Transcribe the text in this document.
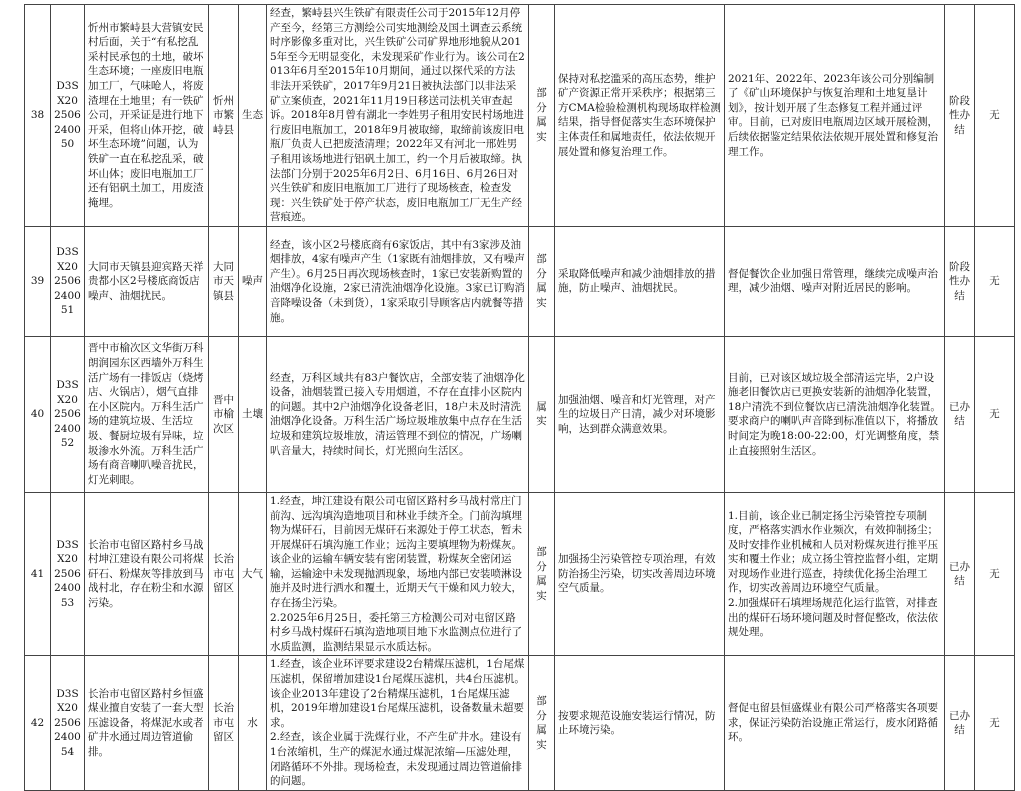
38	D3SX202506240050	忻州市繁峙县大营镇安民村后面，关于“有私挖乱采村民承包的土地，破坏生态环境；一座废旧电瓶加工厂，气味呛人，将废渣埋在土地里；有一铁矿公司，开采证是进行地下开采，但将山体开挖，破坏生态环境”问题，认为铁矿一直在私挖乱采，破坏山体；废旧电瓶加工厂还有铝矾土加工，用废渣掩埋。	忻州市繁峙县	生态	经查，繁峙县兴生铁矿有限责任公司于2015年12月停产至今，经第三方测绘公司实地测绘及国土调查云系统时序影像多重对比，兴生铁矿公司矿界地形地貌从2015年至今无明显变化，未发现采矿作业行为。该公司在2013年6月至2015年10月期间，通过以探代采的方法非法开采铁矿，2017年9月21日被执法部门以非法采矿立案侦查，2021年11月19日移送司法机关审查起诉。2018年8月曾有湖北一李姓男子租用安民村场地进行废旧电瓶加工，2018年9月被取缔，取缔前该废旧电瓶厂负责人已把废渣清理；2022年又有河北一邢姓男子租用该场地进行铝矾土加工，约一个月后被取缔。执法部门分别于2025年6月2日、6月16日、6月26日对兴生铁矿和废旧电瓶加工厂进行了现场核查，检查发现：兴生铁矿处于停产状态，废旧电瓶加工厂无生产经营痕迹。	部分属实	保持对私挖滥采的高压态势，维护矿产资源正常开采秩序；根据第三方CMA检验检测机构现场取样检测结果，指导督促落实生态环境保护主体责任和属地责任，依法依规开展处置和修复治理工作。	2021年、2022年、2023年该公司分别编制了《矿山环境保护与恢复治理和土地复垦计划》，按计划开展了生态修复工程并通过评审。目前，已对废旧电瓶周边区域开展检测，后续依据鉴定结果依法依规开展处置和修复治理工作。	阶段性办结	无
39	D3SX202506240051	大同市天镇县迎宾路天祥贵都小区2号楼底商饭店噪声、油烟扰民。	大同市天镇县	噪声	经查，该小区2号楼底商有6家饭店，其中有3家涉及油烟排放，4家有噪声产生（1家既有油烟排放，又有噪声产生）。6月25日再次现场核查时，1家已安装新购置的油烟净化设施，2家已清洗油烟净化设施。3家已订购消音降噪设备（未到货），1家采取引导顾客店内就餐等措施。	部分属实	采取降低噪声和减少油烟排放的措施，防止噪声、油烟扰民。	督促餐饮企业加强日常管理，继续完成噪声治理，减少油烟、噪声对附近居民的影响。	阶段性办结	无
40	D3SX202506240052	晋中市榆次区文华街万科朗润园东区西墙外万科生活广场有一排饭店（烧烤店、火锅店），烟气直排在小区院内。万科生活广场的建筑垃圾、生活垃圾、餐厨垃圾有异味，垃圾渗水外流。万科生活广场有商音喇叭噪音扰民，灯光刺眼。	晋中市榆次区	土壤	经查，万科区域共有83户餐饮店，全部安装了油烟净化设备，油烟装置已接入专用烟道，不存在直排小区院内的问题。其中2户油烟净化设备老旧，18户未及时清洗油烟净化设备。万科生活广场垃圾堆放集中点存在生活垃圾和建筑垃圾堆放，清运管理不到位的情况，广场喇叭音量大，持续时间长，灯光照向生活区。	属实	加强油烟、噪音和灯光管理，对产生的垃圾日产日清，减少对环境影响，达到群众满意效果。	目前，已对该区域垃圾全部清运完毕，2户设施老旧餐饮店已更换安装新的油烟净化装置，18户清洗不到位餐饮店已清洗油烟净化装置。要求商户的喇叭声音降到标准值以下，将播放时间定为晚18:00-22:00，灯光调整角度，禁止直接照射生活区。	已办结	无
41	D3SX202506240053	长治市屯留区路村乡马战村坤江建设有限公司将煤矸石、粉煤灰等排放到马战村北，存在粉尘和水源污染。	长治市屯留区	大气	1.经查，坤江建设有限公司屯留区路村乡马战村常庄门前沟、远沟填沟造地项目和林业手续齐全。门前沟填埋物为煤矸石，目前因无煤矸石来源处于停工状态，暂未开展煤矸石填沟施工作业；远沟主要填埋物为粉煤灰。该企业的运输车辆安装有密闭装置，粉煤灰全密闭运输，运输途中未发现抛洒现象，场地内部已安装喷淋设施并及时进行洒水和覆土，近期天气干燥和风力较大，存在扬尘污染。
2.2025年6月25日，委托第三方检测公司对屯留区路村乡马战村煤矸石填沟造地项目地下水监测点位进行了水质监测，监测结果显示水质达标。	部分属实	加强扬尘污染管控专项治理，有效防治扬尘污染，切实改善周边环境空气质量。	1.目前，该企业已制定扬尘污染管控专项制度，严格落实洒水作业频次，有效抑制扬尘；及时安排作业机械和人员对粉煤灰进行推平压实和覆土作业；成立扬尘管控监督小组，定期对现场作业进行巡查，持续优化扬尘治理工作，切实改善周边环境空气质量。
2.加强煤矸石填埋场规范化运行监管，对排查出的煤矸石场环境问题及时督促整改，依法依规处理。	已办结	无
42	D3SX202506240054	长治市屯留区路村乡恒盛煤业擅自安装了一套大型压滤设备，将煤泥水或者矿井水通过周边管道偷排。	长治市屯留区	水	1.经查，该企业环评要求建设2台精煤压滤机，1台尾煤压滤机，保留增加建设1台尾煤压滤机，共4台压滤机。该企业2013年建设了2台精煤压滤机，1台尾煤压滤机，2019年增加建设1台尾煤压滤机，设备数量未超要求。
2.经查，该企业属于洗煤行业，不产生矿井水。建设有1台浓缩机，生产的煤泥水通过煤泥浓缩—压滤处理，闭路循环不外排。现场检查，未发现通过周边管道偷排的问题。	部分属实	按要求规范设施安装运行情况，防止环境污染。	督促屯留县恒盛煤业有限公司严格落实各项要求，保证污染防治设施正常运行，废水闭路循环。	已办结	无
